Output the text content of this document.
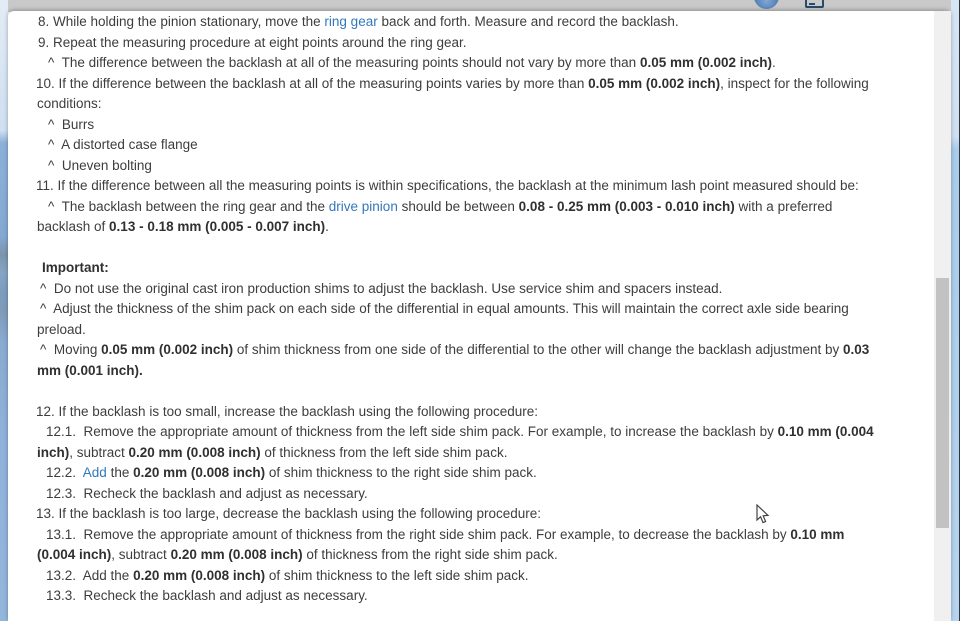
8. While holding the pinion stationary, move the ring gear back and forth. Measure and record the backlash.
9. Repeat the measuring procedure at eight points around the ring gear.
^  The difference between the backlash at all of the measuring points should not vary by more than 0.05 mm (0.002 inch).
10. If the difference between the backlash at all of the measuring points varies by more than 0.05 mm (0.002 inch), inspect for the following
conditions:
^  Burrs
^  A distorted case flange
^  Uneven bolting
11. If the difference between all the measuring points is within specifications, the backlash at the minimum lash point measured should be:
^  The backlash between the ring gear and the drive pinion should be between 0.08 - 0.25 mm (0.003 - 0.010 inch) with a preferred
backlash of 0.13 - 0.18 mm (0.005 - 0.007 inch).
Important:
^  Do not use the original cast iron production shims to adjust the backlash. Use service shim and spacers instead.
^  Adjust the thickness of the shim pack on each side of the differential in equal amounts. This will maintain the correct axle side bearing
preload.
^  Moving 0.05 mm (0.002 inch) of shim thickness from one side of the differential to the other will change the backlash adjustment by 0.03
mm (0.001 inch).
12. If the backlash is too small, increase the backlash using the following procedure:
12.1.  Remove the appropriate amount of thickness from the left side shim pack. For example, to increase the backlash by 0.10 mm (0.004
inch), subtract 0.20 mm (0.008 inch) of thickness from the left side shim pack.
12.2.  Add the 0.20 mm (0.008 inch) of shim thickness to the right side shim pack.
12.3.  Recheck the backlash and adjust as necessary.
13. If the backlash is too large, decrease the backlash using the following procedure:
13.1.  Remove the appropriate amount of thickness from the right side shim pack. For example, to decrease the backlash by 0.10 mm
(0.004 inch), subtract 0.20 mm (0.008 inch) of thickness from the right side shim pack.
13.2.  Add the 0.20 mm (0.008 inch) of shim thickness to the left side shim pack.
13.3.  Recheck the backlash and adjust as necessary.
